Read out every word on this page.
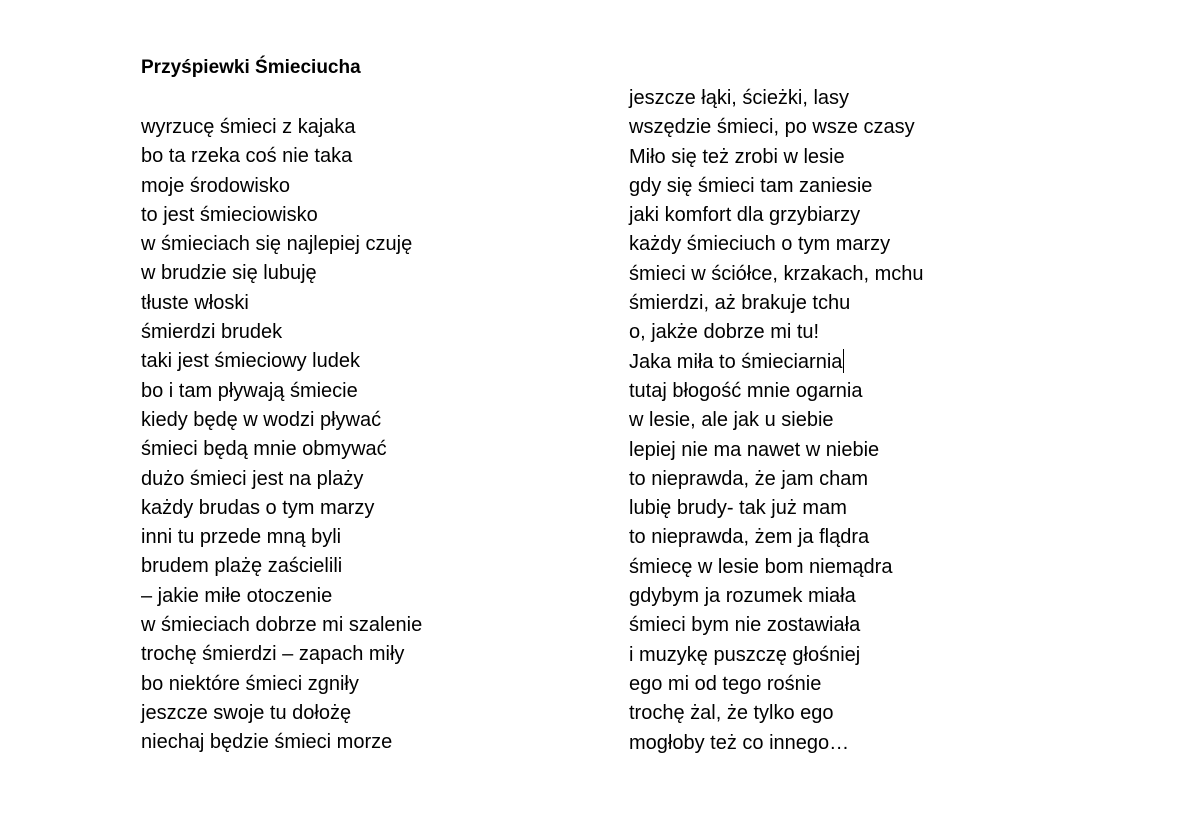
Przyśpiewki Śmieciucha
wyrzucę śmieci z kajaka
bo ta rzeka coś nie taka
moje środowisko
to jest śmieciowisko
w śmieciach się najlepiej czuję
w brudzie się lubuję
tłuste włoski
śmierdzi brudek
taki jest śmieciowy ludek
bo i tam pływają śmiecie
kiedy będę w wodzi pływać
śmieci będą mnie obmywać
dużo śmieci jest na plaży
każdy brudas o tym marzy
inni tu przede mną byli
brudem plażę zaścielili
– jakie miłe otoczenie
w śmieciach dobrze mi szalenie
trochę śmierdzi – zapach miły
bo niektóre śmieci zgniły
jeszcze swoje tu dołożę
niechaj będzie śmieci morze
jeszcze łąki, ścieżki, lasy
wszędzie śmieci, po wsze czasy
Miło się też zrobi w lesie
gdy się śmieci tam zaniesie
jaki komfort dla grzybiarzy
każdy śmieciuch o tym marzy
śmieci w ściółce, krzakach, mchu
śmierdzi, aż brakuje tchu
o, jakże dobrze mi tu!
Jaka miła to śmieciarnia
tutaj błogość mnie ogarnia
w lesie, ale jak u siebie
lepiej nie ma nawet w niebie
to nieprawda, że jam cham
lubię brudy- tak już mam
to nieprawda, żem ja flądra
śmiecę w lesie bom niemądra
gdybym ja rozumek miała
śmieci bym nie zostawiała
i muzykę puszczę głośniej
ego mi od tego rośnie
trochę żal, że tylko ego
mogłoby też co innego…
